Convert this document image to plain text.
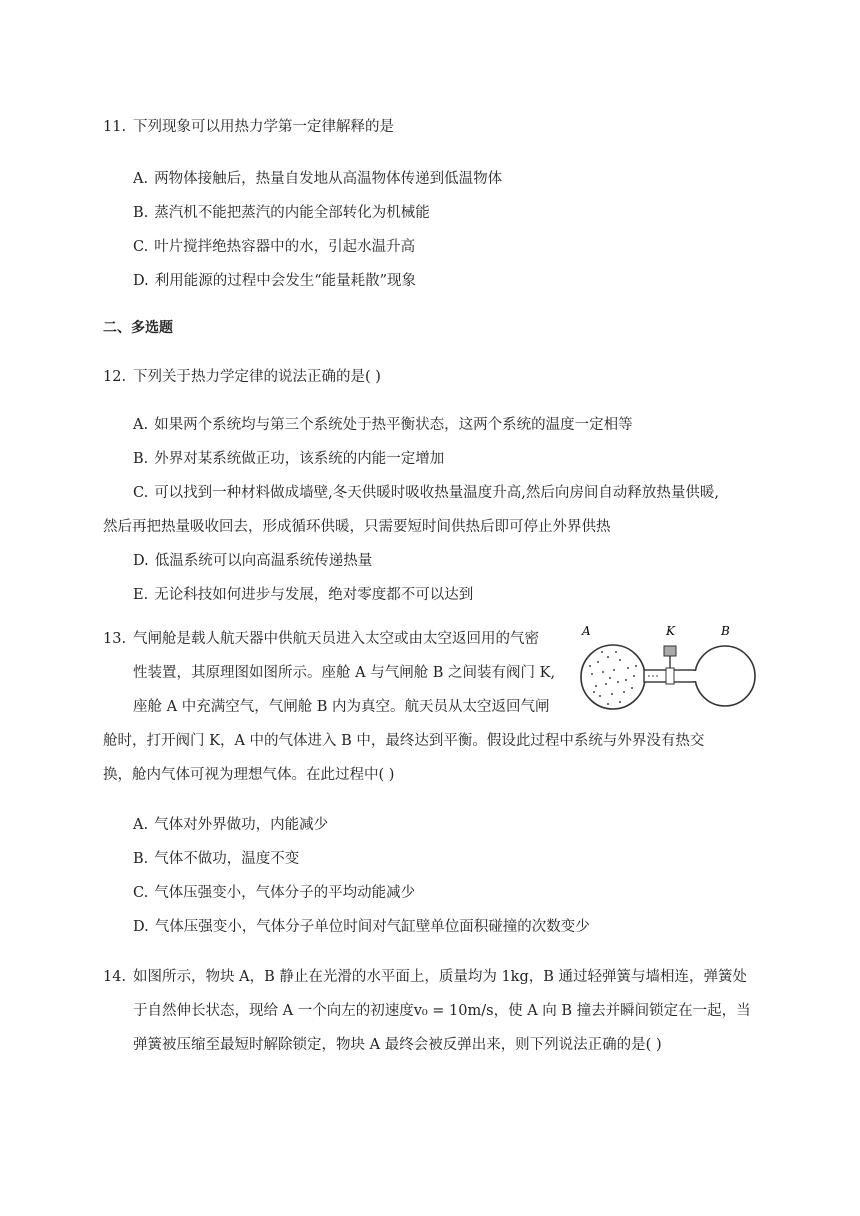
11. 下列现象可以用热力学第一定律解释的是
A. 两物体接触后，热量自发地从高温物体传递到低温物体
B. 蒸汽机不能把蒸汽的内能全部转化为机械能
C. 叶片搅拌绝热容器中的水，引起水温升高
D. 利用能源的过程中会发生“能量耗散”现象
二、多选题
12. 下列关于热力学定律的说法正确的是( )
A. 如果两个系统均与第三个系统处于热平衡状态，这两个系统的温度一定相等
B. 外界对某系统做正功，该系统的内能一定增加
C. 可以找到一种材料做成墙壁,冬天供暖时吸收热量温度升高,然后向房间自动释放热量供暖,
然后再把热量吸收回去，形成循环供暖，只需要短时间供热后即可停止外界供热
D. 低温系统可以向高温系统传递热量
E. 无论科技如何进步与发展，绝对零度都不可以达到
13. 气闸舱是载人航天器中供航天员进入太空或由太空返回用的气密
性装置，其原理图如图所示。座舱 A 与气闸舱 B 之间装有阀门 K,
座舱 A 中充满空气，气闸舱 B 内为真空。航天员从太空返回气闸
舱时，打开阀门 K，A 中的气体进入 B 中，最终达到平衡。假设此过程中系统与外界没有热交
换，舱内气体可视为理想气体。在此过程中( )
A	K	B
A. 气体对外界做功，内能减少
B. 气体不做功，温度不变
C. 气体压强变小，气体分子的平均动能减少
D. 气体压强变小，气体分子单位时间对气缸壁单位面积碰撞的次数变少
14. 如图所示，物块 A，B 静止在光滑的水平面上，质量均为 1kg，B 通过轻弹簧与墙相连，弹簧处
于自然伸长状态，现给 A 一个向左的初速度v₀ = 10m/s，使 A 向 B 撞去并瞬间锁定在一起，当
弹簧被压缩至最短时解除锁定，物块 A 最终会被反弹出来，则下列说法正确的是( )
